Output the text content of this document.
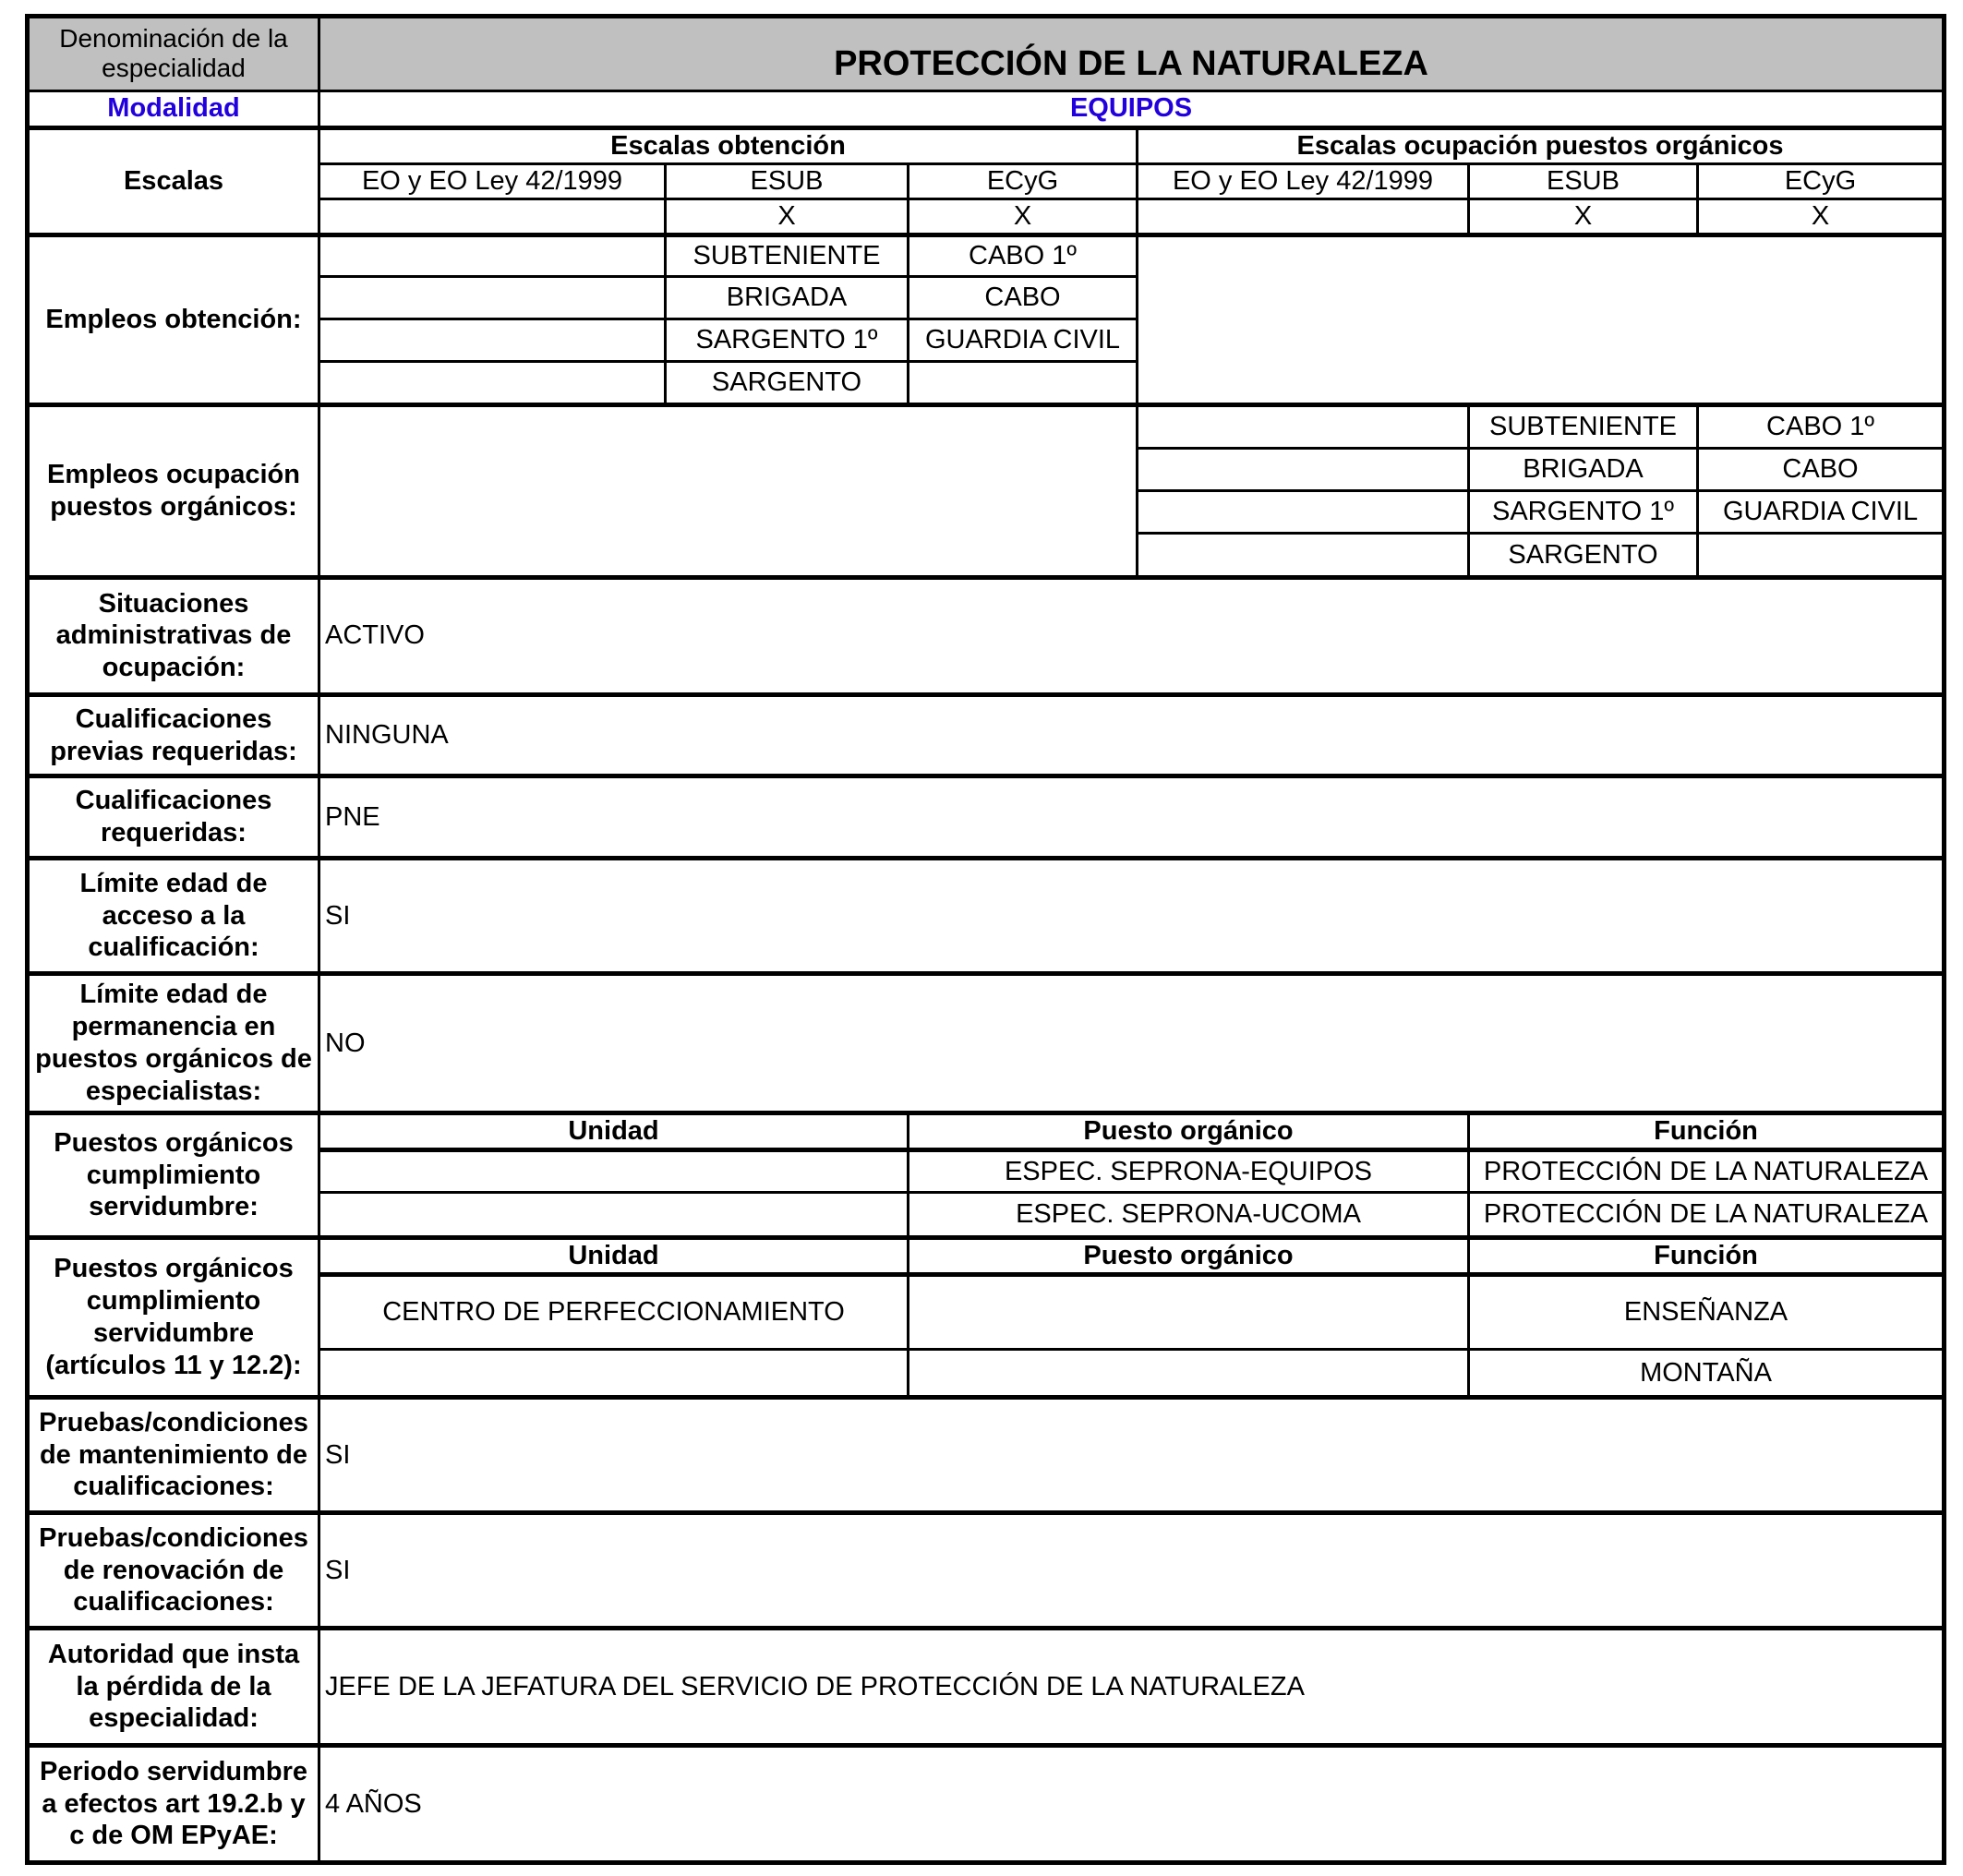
Denominación de la especialidad	PROTECCIÓN DE LA NATURALEZA					
Modalidad	EQUIPOS					
Escalas	Escalas obtención			Escalas ocupación puestos orgánicos		
	EO y EO Ley 42/1999	ESUB	ECyG	EO y EO Ley 42/1999	ESUB	ECyG
		X	X		X	X
Empleos obtención:		SUBTENIENTE	CABO 1º			
		BRIGADA	CABO			
		SARGENTO 1º	GUARDIA CIVIL			
		SARGENTO				
Empleos ocupación puestos orgánicos:					SUBTENIENTE	CABO 1º
					BRIGADA	CABO
					SARGENTO 1º	GUARDIA CIVIL
					SARGENTO	
Situaciones administrativas de ocupación:	ACTIVO					
Cualificaciones previas requeridas:	NINGUNA					
Cualificaciones requeridas:	PNE					
Límite edad de acceso a la cualificación:	SI					
Límite edad de permanencia en puestos orgánicos de especialistas:	NO					
Puestos orgánicos cumplimiento servidumbre:	Unidad		Puesto orgánico		Función	
			ESPEC. SEPRONA-EQUIPOS		PROTECCIÓN DE LA NATURALEZA	
			ESPEC. SEPRONA-UCOMA		PROTECCIÓN DE LA NATURALEZA	
Puestos orgánicos cumplimiento servidumbre (artículos 11 y 12.2):	Unidad		Puesto orgánico		Función	
	CENTRO DE PERFECCIONAMIENTO				ENSEÑANZA	
					MONTAÑA	
Pruebas/condiciones de mantenimiento de cualificaciones:	SI					
Pruebas/condiciones de renovación de cualificaciones:	SI					
Autoridad que insta la pérdida de la especialidad:	JEFE DE LA JEFATURA DEL SERVICIO DE PROTECCIÓN DE LA NATURALEZA					
Periodo servidumbre a efectos art 19.2.b y c de OM EPyAE:	4 AÑOS					
